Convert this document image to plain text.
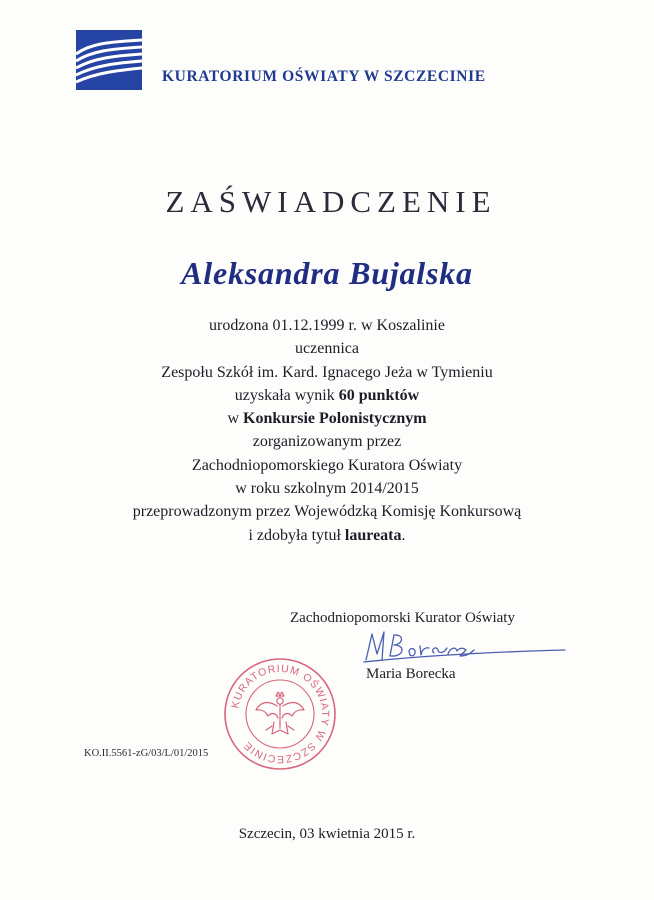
KURATORIUM OŚWIATY W SZCZECINIE
ZAŚWIADCZENIE
Aleksandra Bujalska
urodzona 01.12.1999 r. w Koszalinie
uczennica
Zespołu Szkół im. Kard. Ignacego Jeża w Tymieniu
uzyskała wynik 60 punktów
w Konkursie Polonistycznym
zorganizowanym przez
Zachodniopomorskiego Kuratora Oświaty
w roku szkolnym 2014/2015
przeprowadzonym przez Wojewódzką Komisję Konkursową
i zdobyła tytuł laureata.
Zachodniopomorski Kurator Oświaty
Maria Borecka
KURATORIUM OŚWIATY W SZCZECINIE
KO.II.5561-zG/03/L/01/2015
Szczecin, 03 kwietnia 2015 r.
